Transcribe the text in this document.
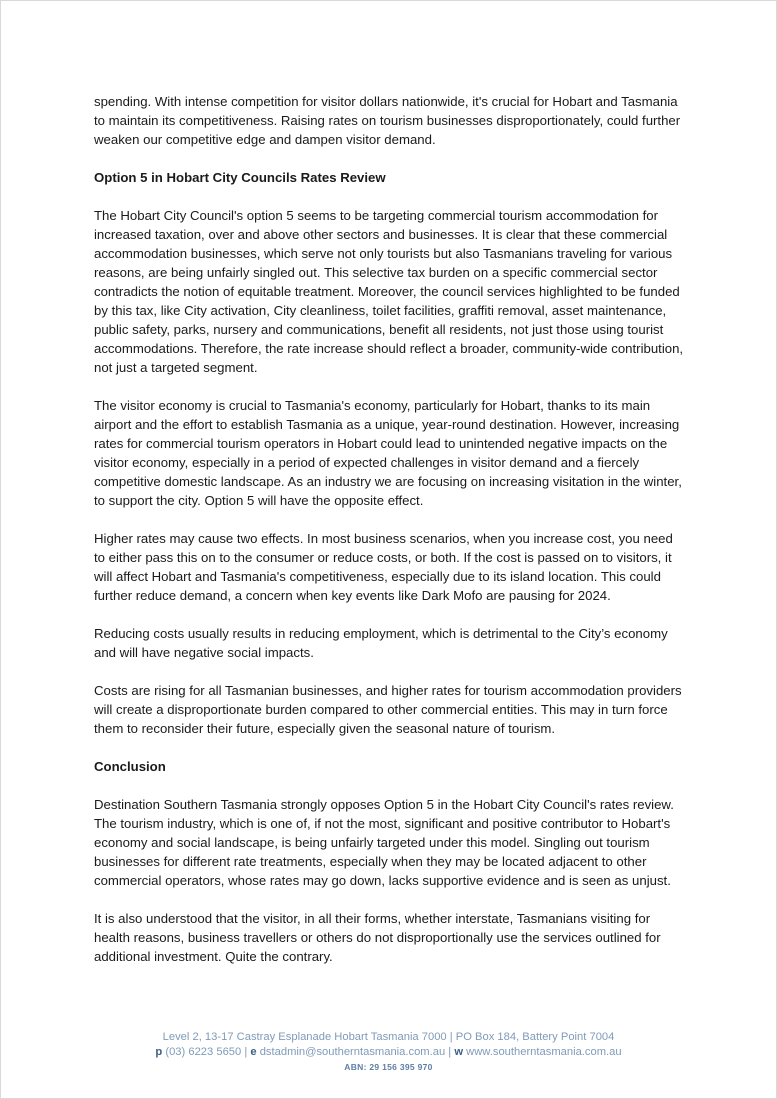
spending. With intense competition for visitor dollars nationwide, it's crucial for Hobart and Tasmania to maintain its competitiveness. Raising rates on tourism businesses disproportionately, could further weaken our competitive edge and dampen visitor demand.

Option 5 in Hobart City Councils Rates Review

The Hobart City Council's option 5 seems to be targeting commercial tourism accommodation for increased taxation, over and above other sectors and businesses. It is clear that these commercial accommodation businesses, which serve not only tourists but also Tasmanians traveling for various reasons, are being unfairly singled out. This selective tax burden on a specific commercial sector contradicts the notion of equitable treatment. Moreover, the council services highlighted to be funded by this tax, like City activation, City cleanliness, toilet facilities, graffiti removal, asset maintenance, public safety, parks, nursery and communications, benefit all residents, not just those using tourist accommodations. Therefore, the rate increase should reflect a broader, community-wide contribution, not just a targeted segment.

The visitor economy is crucial to Tasmania's economy, particularly for Hobart, thanks to its main airport and the effort to establish Tasmania as a unique, year-round destination. However, increasing rates for commercial tourism operators in Hobart could lead to unintended negative impacts on the visitor economy, especially in a period of expected challenges in visitor demand and a fiercely competitive domestic landscape. As an industry we are focusing on increasing visitation in the winter, to support the city. Option 5 will have the opposite effect.

Higher rates may cause two effects. In most business scenarios, when you increase cost, you need to either pass this on to the consumer or reduce costs, or both. If the cost is passed on to visitors, it will affect Hobart and Tasmania's competitiveness, especially due to its island location. This could further reduce demand, a concern when key events like Dark Mofo are pausing for 2024.

Reducing costs usually results in reducing employment, which is detrimental to the City’s economy and will have negative social impacts.

Costs are rising for all Tasmanian businesses, and higher rates for tourism accommodation providers will create a disproportionate burden compared to other commercial entities. This may in turn force them to reconsider their future, especially given the seasonal nature of tourism.

Conclusion

Destination Southern Tasmania strongly opposes Option 5 in the Hobart City Council's rates review. The tourism industry, which is one of, if not the most, significant and positive contributor to Hobart's economy and social landscape, is being unfairly targeted under this model. Singling out tourism businesses for different rate treatments, especially when they may be located adjacent to other commercial operators, whose rates may go down, lacks supportive evidence and is seen as unjust.

It is also understood that the visitor, in all their forms, whether interstate, Tasmanians visiting for health reasons, business travellers or others do not disproportionally use the services outlined for additional investment. Quite the contrary.

Level 2, 13-17 Castray Esplanade Hobart Tasmania 7000 | PO Box 184, Battery Point 7004
p (03) 6223 5650 | e dstadmin@southerntasmania.com.au | w www.southerntasmania.com.au
ABN: 29 156 395 970
